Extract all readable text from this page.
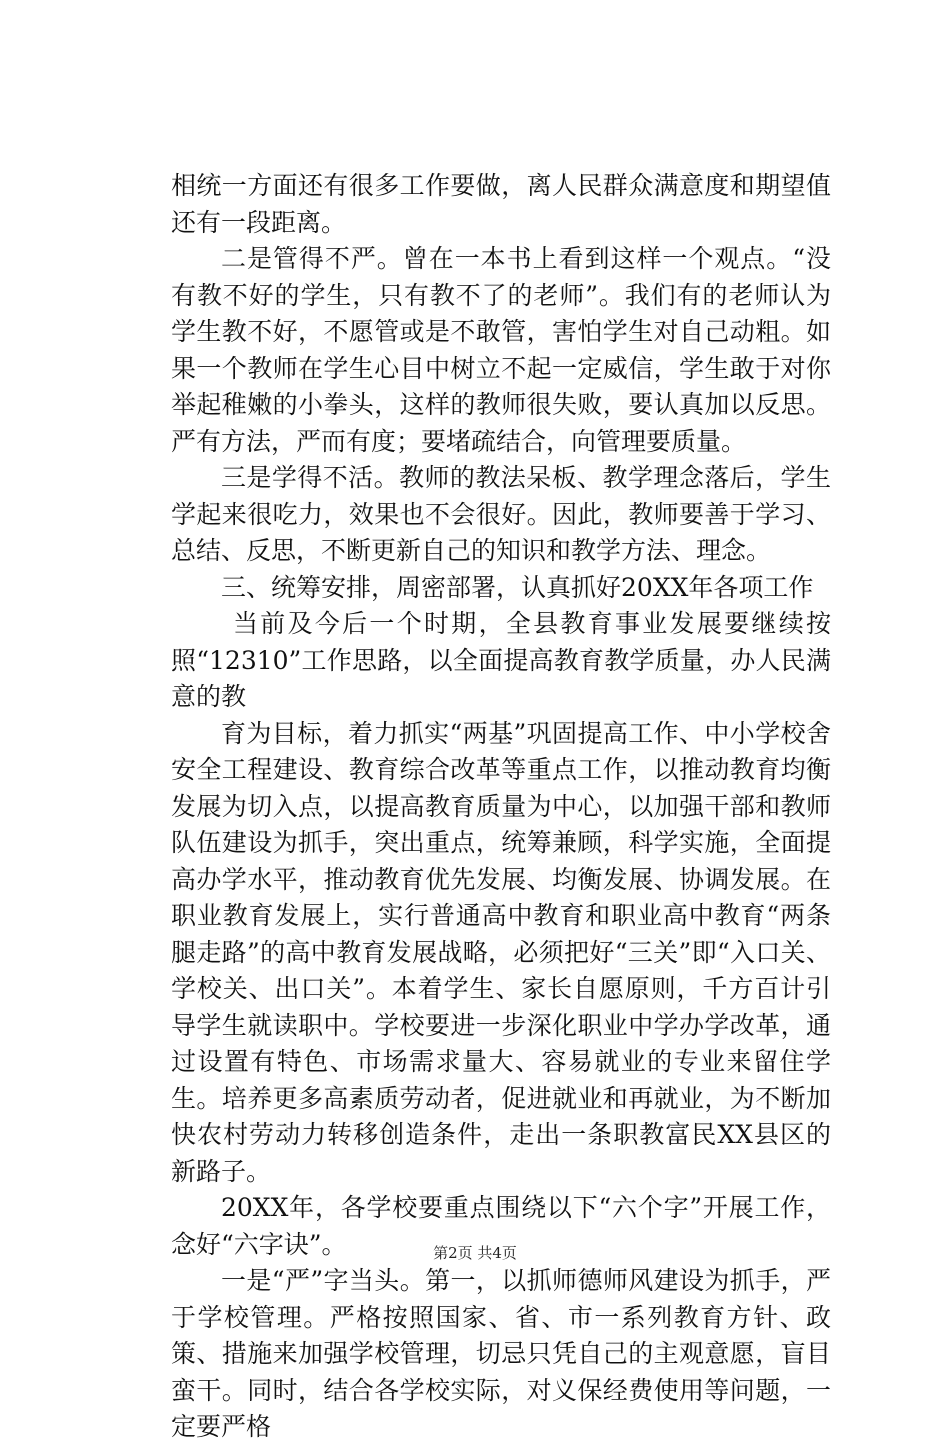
相统一方面还有很多工作要做，离人民群众满意度和期望值还有一段距离。

二是管得不严。曾在一本书上看到这样一个观点。“没有教不好的学生，只有教不了的老师”。我们有的老师认为学生教不好，不愿管或是不敢管，害怕学生对自己动粗。如果一个教师在学生心目中树立不起一定威信，学生敢于对你举起稚嫩的小拳头，这样的教师很失败，要认真加以反思。严有方法，严而有度；要堵疏结合，向管理要质量。

三是学得不活。教师的教法呆板、教学理念落后，学生学起来很吃力，效果也不会很好。因此，教师要善于学习、总结、反思，不断更新自己的知识和教学方法、理念。

三、统筹安排，周密部署，认真抓好20XX年各项工作

当前及今后一个时期，全县教育事业发展要继续按照“12310”工作思路，以全面提高教育教学质量，办人民满意的教

育为目标，着力抓实“两基”巩固提高工作、中小学校舍安全工程建设、教育综合改革等重点工作，以推动教育均衡发展为切入点，以提高教育质量为中心，以加强干部和教师队伍建设为抓手，突出重点，统筹兼顾，科学实施，全面提高办学水平，推动教育优先发展、均衡发展、协调发展。在职业教育发展上，实行普通高中教育和职业高中教育“两条腿走路”的高中教育发展战略，必须把好“三关”即“入口关、学校关、出口关”。本着学生、家长自愿原则，千方百计引导学生就读职中。学校要进一步深化职业中学办学改革，通过设置有特色、市场需求量大、容易就业的专业来留住学生。培养更多高素质劳动者，促进就业和再就业，为不断加快农村劳动力转移创造条件，走出一条职教富民XX县区的新路子。

20XX年，各学校要重点围绕以下“六个字”开展工作，念好“六字诀”。

一是“严”字当头。第一，以抓师德师风建设为抓手，严于学校管理。严格按照国家、省、市一系列教育方针、政策、措施来加强学校管理，切忌只凭自己的主观意愿，盲目蛮干。同时，结合各学校实际，对义保经费使用等问题，一定要严格

第2页 共4页
